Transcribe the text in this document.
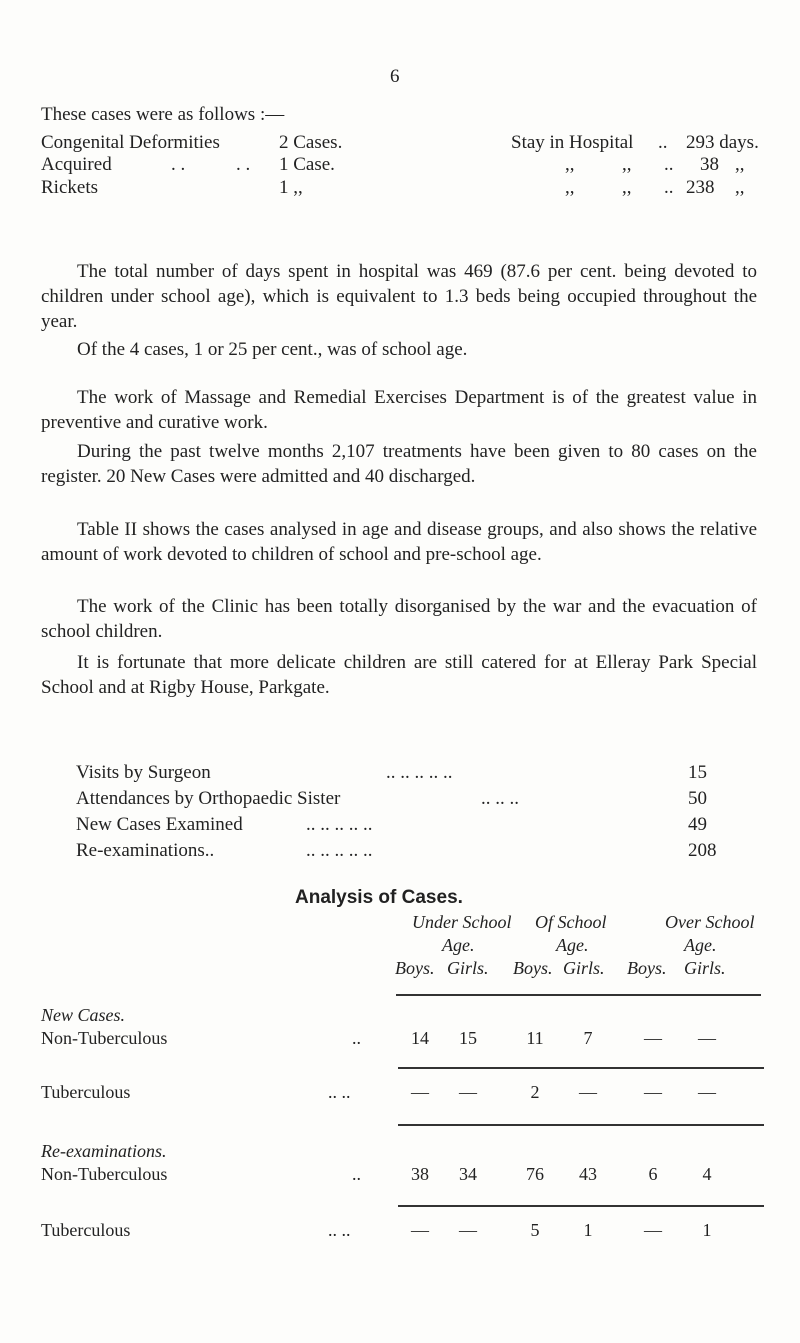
6
These cases were as follows :—
Congenital Deformities	2 Cases.	Stay in Hospital .. 293 days.
Acquired	. .	. . 1 Case.	,,	,, .. 38 ,,
Rickets	1 ,,	,,	,, .. 238 ,,
The total number of days spent in hospital was 469 (87.6 per cent. being devoted to children under school age), which is equivalent to 1.3 beds being occupied throughout the year.
Of the 4 cases, 1 or 25 per cent., was of school age.
The work of Massage and Remedial Exercises Department is of the greatest value in preventive and curative work.
During the past twelve months 2,107 treatments have been given to 80 cases on the register. 20 New Cases were admitted and 40 discharged.
Table II shows the cases analysed in age and disease groups, and also shows the relative amount of work devoted to children of school and pre-school age.
The work of the Clinic has been totally disorganised by the war and the evacuation of school children.
It is fortunate that more delicate children are still catered for at Elleray Park Special School and at Rigby House, Parkgate.
Visits by Surgeon	.. .. .. .. ..	15
Analysis of Cases.
Attendances by Orthopaedic Sister	.. .. ..	50
New Cases Examined	.. .. .. .. ..	49
Re-examinations..	.. .. .. .. ..	208
Under School Of School	Over School
Age.	Age.	Age.
Boys. Girls. Boys. Girls. Boys. Girls.
New Cases.
Non-Tuberculous	..	14	15	11	7	—	—
Tuberculous	.. ..	—	—	2	—	—	—
Re-examinations.
Non-Tuberculous	..	38	34	76	43	6	4
Tuberculous	.. ..	—	—	5	1	—	1
